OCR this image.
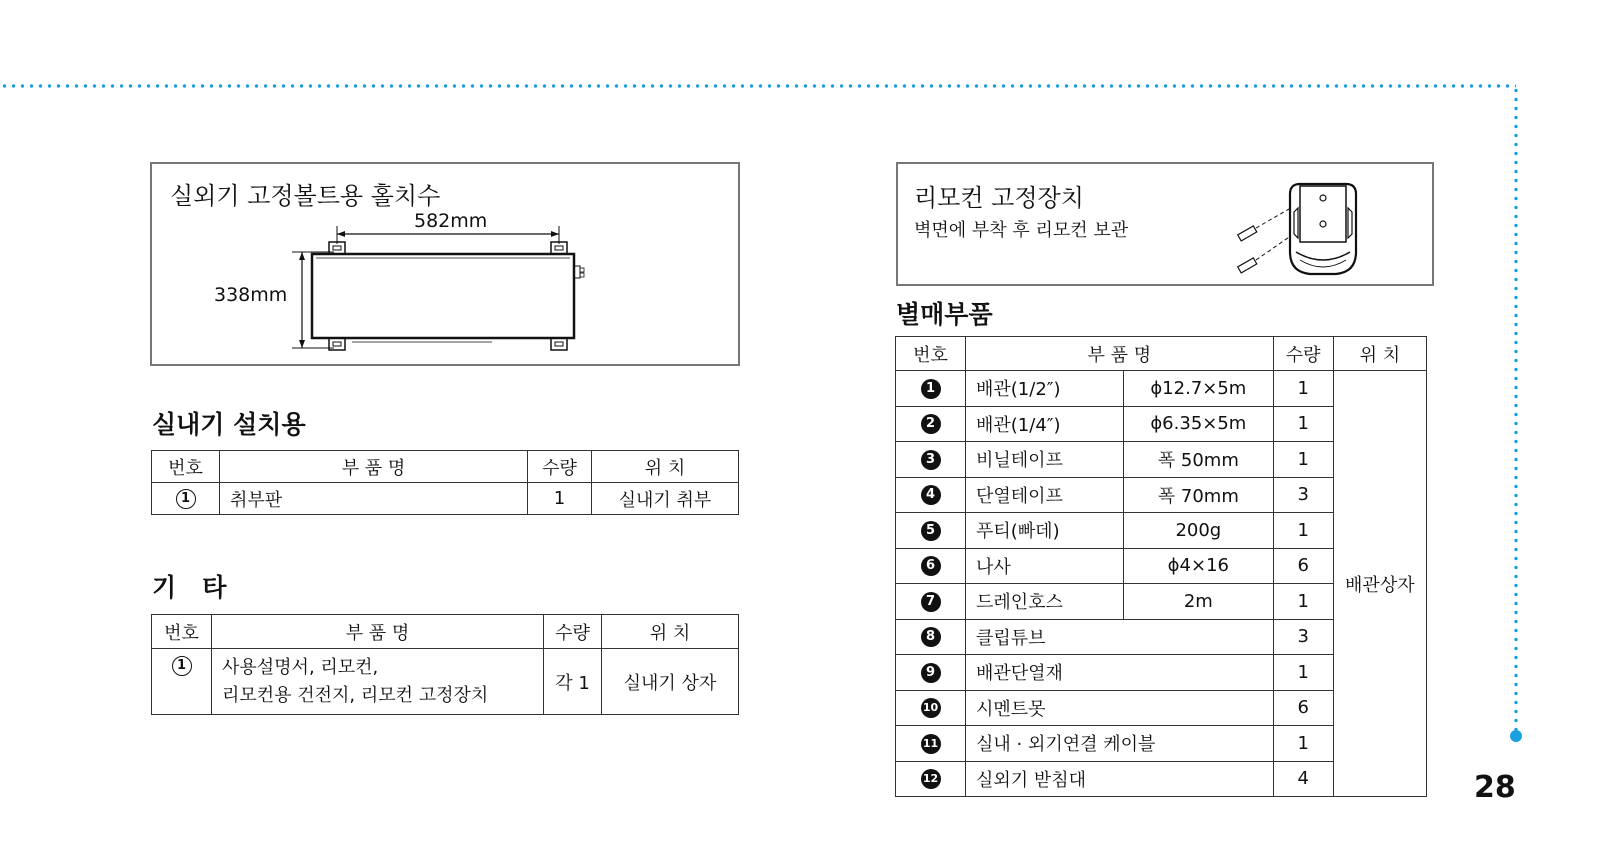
28
실외기 고정볼트용 홀치수
582mm
338mm
실내기 설치용
번호	부 품 명	수량	위 치
1	취부판	1	실내기 취부
기   타
번호	부 품 명	수량	위 치
1	사용설명서, 리모컨,
리모컨용 건전지, 리모컨 고정장치	각 1	실내기 상자
리모컨 고정장치
벽면에 부착 후 리모컨 보관
별매부품
번호	부 품 명		수량	위 치
1	배관(1/2″)	ϕ12.7×5m	1	배관상자
2	배관(1/4″)	ϕ6.35×5m	1	
3	비닐테이프	폭 50mm	1	
4	단열테이프	폭 70mm	3	
5	푸티(빠데)	200g	1	
6	나사	ϕ4×16	6	
7	드레인호스	2m	1	
8	클립튜브		3	
9	배관단열재		1	
10	시멘트못		6	
11	실내 · 외기연결 케이블		1	
12	실외기 받침대		4	
